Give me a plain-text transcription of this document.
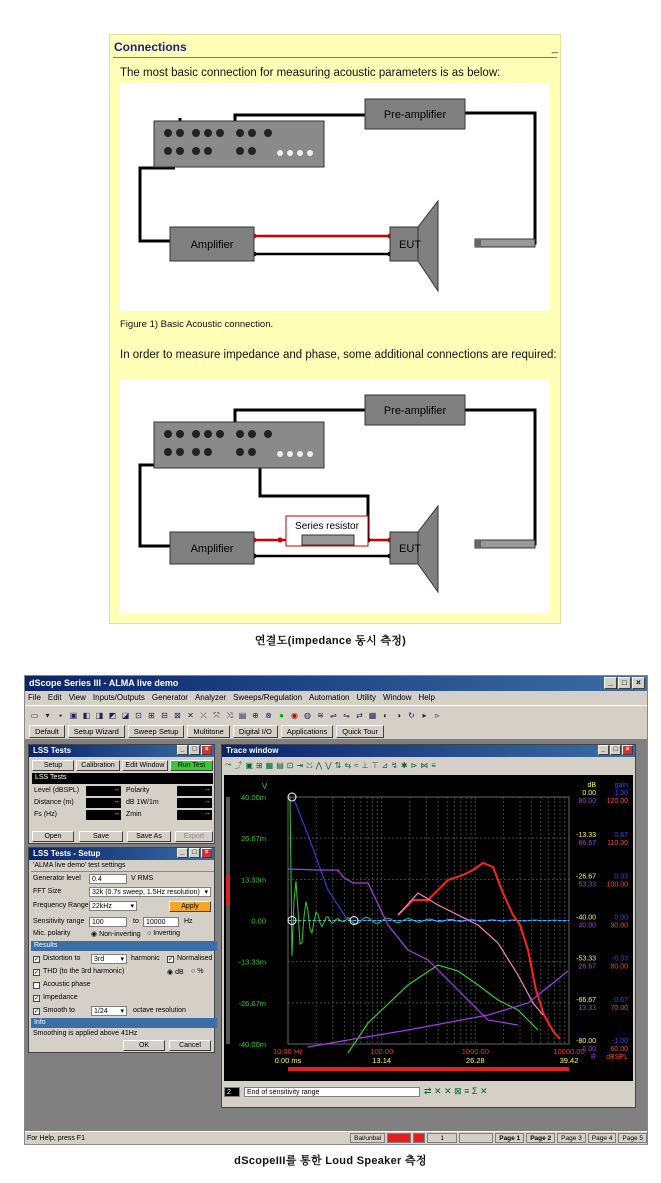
Connections	_
The most basic connection for measuring acoustic parameters is as below:
Pre-amplifier
Amplifier	EUT
Figure 1) Basic Acoustic connection.
In order to measure impedance and phase, some additional connections are required:
Pre-amplifier
Series resistor
Amplifier	EUT
연결도(impedance 동시 측정)
dScope Series III - ALMA live demo	_	□	×
File Edit View Inputs/Outputs Generator Analyzer Sweeps/Regulation Automation Utility Window Help
▭ ▾	▪ ▣ ◧ ◨ ◩ ◪ ⊡ ⊞ ⊟ ⊠ ✕ ⤫ ⤧ ⤨ ▤ ⊕ ⊗ ● ◉ ◍ ≋ ⇌ ⇋ ⇄ ▦ ◐	◑ ↻ ▸	▹
Default	Setup Wizard	Sweep Setup	Multitone	Digital I/O	Applications	Quick Tour
LSS Tests	_	□	×
Setup	Calibration	Edit Window	Run Test
LSS Tests
Level (dBSPL)	-- Polarity	--
Distance (m)	-- dB 1W/1m	--
Fs (Hz)	-- Zmin	--
Open	Save	Save As	Export
LSS Tests - Setup	_	□	×
'ALMA live demo' test settings
Generator level	0.4	V RMS
FFT Size	32k (0.7s sweep, 1.5Hz resolution) ▾
Frequency Range 22kHz	▾	Apply
Sensitivity range	100	to	10000	Hz
Mic. polarity	◉ Non-inverting ○ Inverting
Results
✓ Distortion to	3rd ▾ harmonic ✓ Normalised
✓ THD (to the 3rd harmonic)	◉ dB ○ %
Acoustic phase
✓ Impedance
✓ Smooth to	1/24 ▾ octave resolution
Info
Smoothing is applied above 41Hz
OK	Cancel
Trace window	_	□	×
⤳ ⤴ ▣ ⊞ ▦ ▤ ⊡ ⇥ ⤩ ⋀ ⋁ ⇅ ⇆ ≈ ⊥ ⊤ ⊿ ↯ ✱ ⊳ ⋈ ≡
V
40.00m
26.67m
13.33m
0.00
-13.33m
-26.67m
-40.00m
dB	gain
0.00	1.00
80.00 120.00
-13.33	0.67
66.67 110.00
-26.67	0.33
53.33 100.00
-40.00	0.00
40.00 90.00
-53.33 -0.33
26.67 80.00
-66.67 -0.67
13.33 70.00
-80.00 -1.00
0.00 60.00
R dBSPL
10.00 Hz	100.00	1000.00	10000.00
0.00 ms	13.14	26.28	39.42
2	End of sensitivity range	⇄ ✕ ✕ ⊠ ≡ Σ ✕
For Help, press F1	Bal/unbal	1	Page 1	Page 2	Page 3	Page 4	Page 5
dScopeIII를 통한 Loud Speaker 측정
